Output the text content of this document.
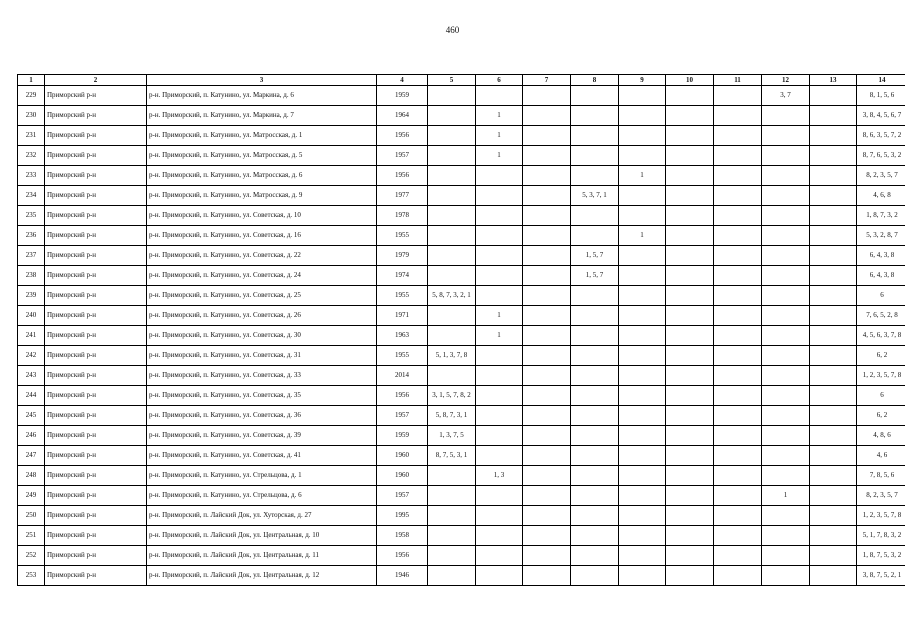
460
1	2	3	4	5	6	7	8	9	10	11	12	13	14
229	Приморский р-н	р-н. Приморский, п. Катунино, ул. Маркина, д. 6	1959								3, 7		8, 1, 5, 6
230	Приморский р-н	р-н. Приморский, п. Катунино, ул. Маркина, д. 7	1964		1								3, 8, 4, 5, 6, 7
231	Приморский р-н	р-н. Приморский, п. Катунино, ул. Матросская, д. 1	1956		1								8, 6, 3, 5, 7, 2
232	Приморский р-н	р-н. Приморский, п. Катунино, ул. Матросская, д. 5	1957		1								8, 7, 6, 5, 3, 2
233	Приморский р-н	р-н. Приморский, п. Катунино, ул. Матросская, д. 6	1956					1					8, 2, 3, 5, 7
234	Приморский р-н	р-н. Приморский, п. Катунино, ул. Матросская, д. 9	1977				5, 3, 7, 1						4, 6, 8
235	Приморский р-н	р-н. Приморский, п. Катунино, ул. Советская, д. 10	1978										1, 8, 7, 3, 2
236	Приморский р-н	р-н. Приморский, п. Катунино, ул. Советская, д. 16	1955					1					5, 3, 2, 8, 7
237	Приморский р-н	р-н. Приморский, п. Катунино, ул. Советская, д. 22	1979				1, 5, 7						6, 4, 3, 8
238	Приморский р-н	р-н. Приморский, п. Катунино, ул. Советская, д. 24	1974				1, 5, 7						6, 4, 3, 8
239	Приморский р-н	р-н. Приморский, п. Катунино, ул. Советская, д. 25	1955	5, 8, 7, 3, 2, 1									6
240	Приморский р-н	р-н. Приморский, п. Катунино, ул. Советская, д. 26	1971		1								7, 6, 5, 2, 8
241	Приморский р-н	р-н. Приморский, п. Катунино, ул. Советская, д. 30	1963		1								4, 5, 6, 3, 7, 8
242	Приморский р-н	р-н. Приморский, п. Катунино, ул. Советская, д. 31	1955	5, 1, 3, 7, 8									6, 2
243	Приморский р-н	р-н. Приморский, п. Катунино, ул. Советская, д. 33	2014										1, 2, 3, 5, 7, 8
244	Приморский р-н	р-н. Приморский, п. Катунино, ул. Советская, д. 35	1956	3, 1, 5, 7, 8, 2									6
245	Приморский р-н	р-н. Приморский, п. Катунино, ул. Советская, д. 36	1957	5, 8, 7, 3, 1									6, 2
246	Приморский р-н	р-н. Приморский, п. Катунино, ул. Советская, д. 39	1959	1, 3, 7, 5									4, 8, 6
247	Приморский р-н	р-н. Приморский, п. Катунино, ул. Советская, д. 41	1960	8, 7, 5, 3, 1									4, 6
248	Приморский р-н	р-н. Приморский, п. Катунино, ул. Стрельцова, д. 1	1960		1, 3								7, 8, 5, 6
249	Приморский р-н	р-н. Приморский, п. Катунино, ул. Стрельцова, д. 6	1957								1		8, 2, 3, 5, 7
250	Приморский р-н	р-н. Приморский, п. Лайский Док, ул. Хуторская, д. 27	1995										1, 2, 3, 5, 7, 8
251	Приморский р-н	р-н. Приморский, п. Лайский Док, ул. Центральная, д. 10	1958										5, 1, 7, 8, 3, 2
252	Приморский р-н	р-н. Приморский, п. Лайский Док, ул. Центральная, д. 11	1956										1, 8, 7, 5, 3, 2
253	Приморский р-н	р-н. Приморский, п. Лайский Док, ул. Центральная, д. 12	1946										3, 8, 7, 5, 2, 1
